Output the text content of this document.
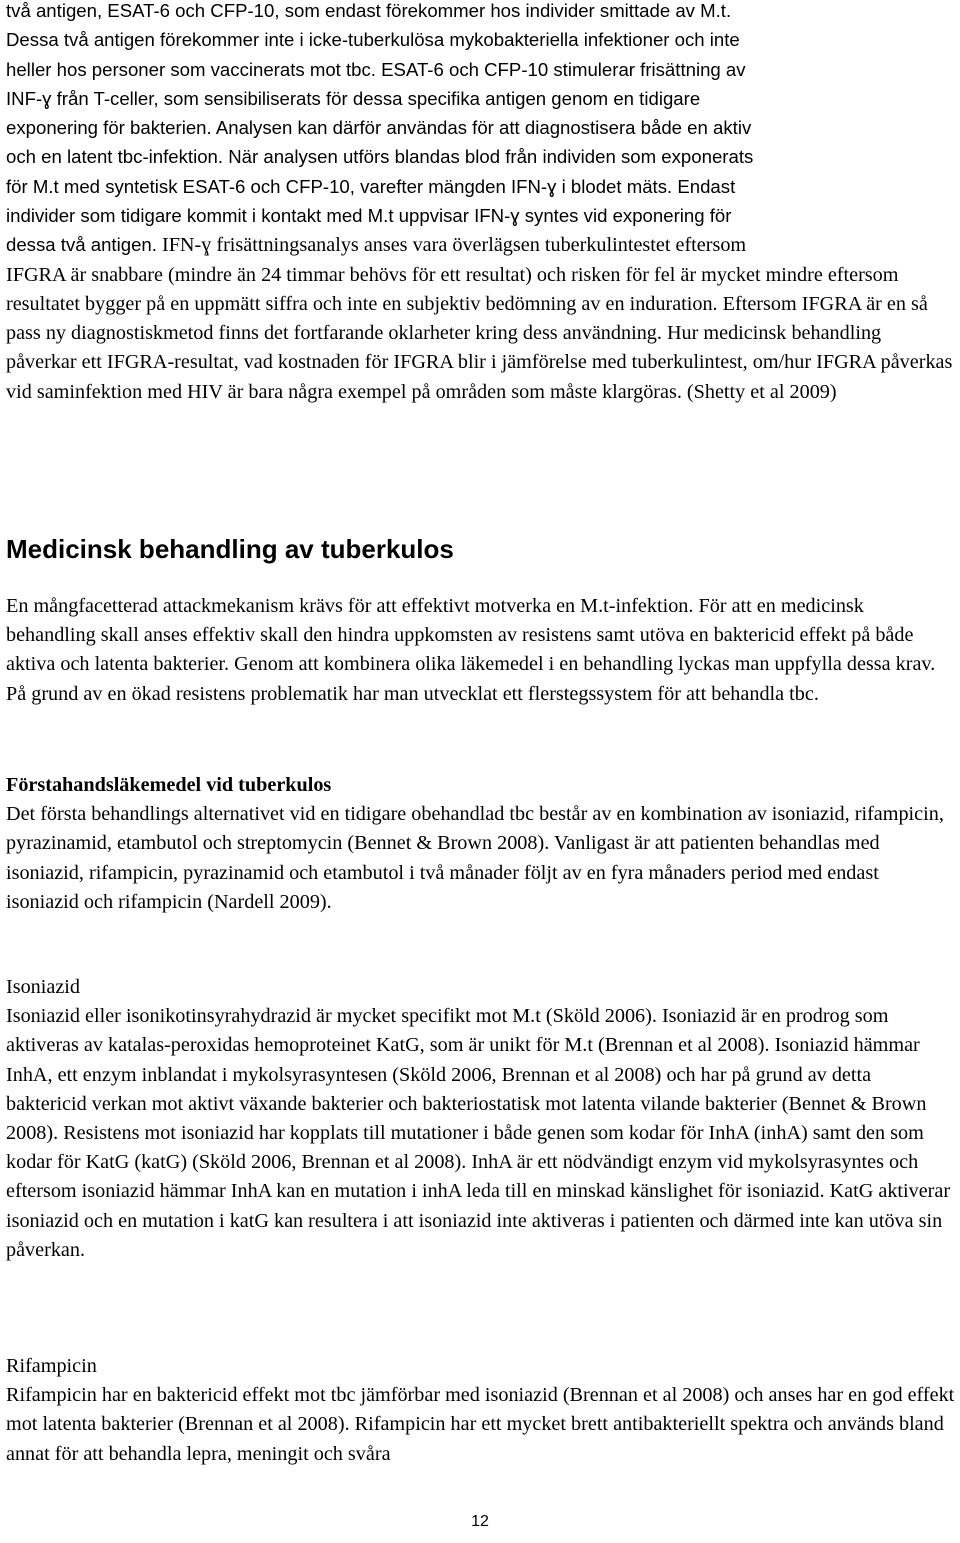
två antigen, ESAT-6 och CFP-10, som endast förekommer hos individer smittade av M.t.
Dessa två antigen förekommer inte i icke-tuberkulösa mykobakteriella infektioner och inte
heller hos personer som vaccinerats mot tbc. ESAT-6 och CFP-10 stimulerar frisättning av
INF-ɣ från T-celler, som sensibiliserats för dessa specifika antigen genom en tidigare
exponering för bakterien. Analysen kan därför användas för att diagnostisera både en aktiv
och en latent tbc-infektion. När analysen utförs blandas blod från individen som exponerats
för M.t med syntetisk ESAT-6 och CFP-10, varefter mängden IFN-ɣ i blodet mäts. Endast
individer som tidigare kommit i kontakt med M.t uppvisar IFN-ɣ syntes vid exponering för
dessa två antigen. IFN-ɣ frisättningsanalys anses vara överlägsen tuberkulintestet eftersom

IFGRA är snabbare (mindre än 24 timmar behövs för ett resultat) och risken för fel är mycket mindre eftersom resultatet bygger på en uppmätt siffra och inte en subjektiv bedömning av en induration. Eftersom IFGRA är en så pass ny diagnostiskmetod finns det fortfarande oklarheter kring dess användning. Hur medicinsk behandling påverkar ett IFGRA-resultat, vad kostnaden för IFGRA blir i jämförelse med tuberkulintest, om/hur IFGRA påverkas vid saminfektion med HIV är bara några exempel på områden som måste klargöras. (Shetty et al 2009)

Medicinsk behandling av tuberkulos

En mångfacetterad attackmekanism krävs för att effektivt motverka en M.t-infektion. För att en medicinsk behandling skall anses effektiv skall den hindra uppkomsten av resistens samt utöva en baktericid effekt på både aktiva och latenta bakterier. Genom att kombinera olika läkemedel i en behandling lyckas man uppfylla dessa krav. På grund av en ökad resistens problematik har man utvecklat ett flerstegssystem för att behandla tbc.

Förstahandsläkemedel vid tuberkulos

Det första behandlings alternativet vid en tidigare obehandlad tbc består av en kombination av isoniazid, rifampicin, pyrazinamid, etambutol och streptomycin (Bennet & Brown 2008). Vanligast är att patienten behandlas med isoniazid, rifampicin, pyrazinamid och etambutol i två månader följt av en fyra månaders period med endast isoniazid och rifampicin (Nardell 2009).

Isoniazid

Isoniazid eller isonikotinsyrahydrazid är mycket specifikt mot M.t (Sköld 2006). Isoniazid är en prodrog som aktiveras av katalas-peroxidas hemoproteinet KatG, som är unikt för M.t (Brennan et al 2008). Isoniazid hämmar InhA, ett enzym inblandat i mykolsyrasyntesen (Sköld 2006, Brennan et al 2008) och har på grund av detta baktericid verkan mot aktivt växande bakterier och bakteriostatisk mot latenta vilande bakterier (Bennet & Brown 2008). Resistens mot isoniazid har kopplats till mutationer i både genen som kodar för InhA (inhA) samt den som kodar för KatG (katG) (Sköld 2006, Brennan et al 2008). InhA är ett nödvändigt enzym vid mykolsyrasyntes och eftersom isoniazid hämmar InhA kan en mutation i inhA leda till en minskad känslighet för isoniazid. KatG aktiverar isoniazid och en mutation i katG kan resultera i att isoniazid inte aktiveras i patienten och därmed inte kan utöva sin påverkan.

Rifampicin

Rifampicin har en baktericid effekt mot tbc jämförbar med isoniazid (Brennan et al 2008) och anses har en god effekt mot latenta bakterier (Brennan et al 2008). Rifampicin har ett mycket brett antibakteriellt spektra och används bland annat för att behandla lepra, meningit och svåra

12
